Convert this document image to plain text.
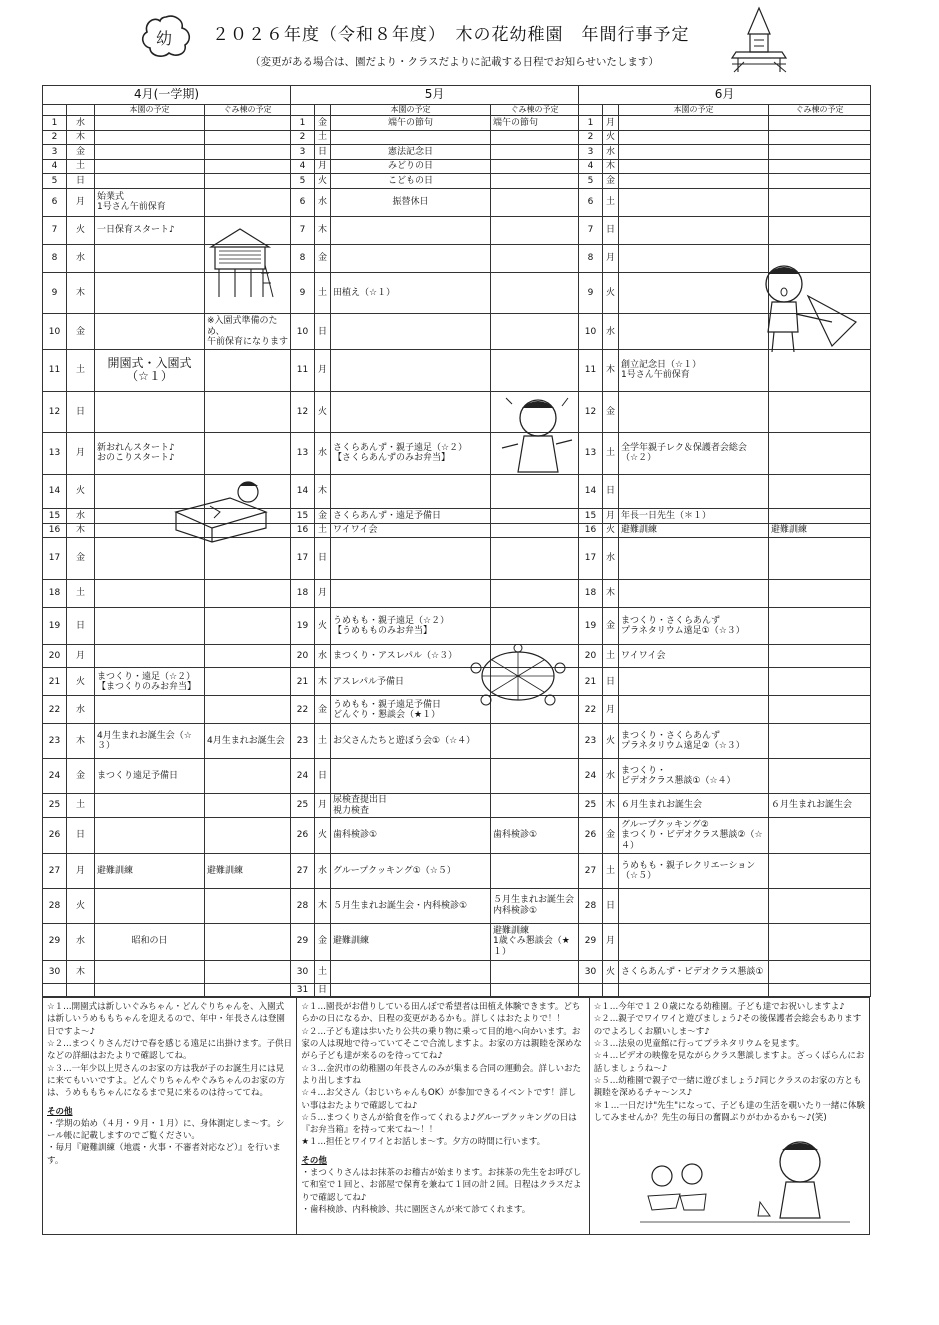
幼 ２０２６年度（令和８年度）　木の花幼稚園　年間行事予定
（変更がある場合は、園だより・クラスだよりに記載する日程でお知らせいたします）
4月(一学期)				5月				6月			
		本園の予定	ぐみ棟の予定			本園の予定	ぐみ棟の予定			本園の予定	ぐみ棟の予定
1	水			1	金	端午の節句	端午の節句	1	月		
2	木			2	土			2	火		
3	金			3	日	憲法記念日		3	水		
4	土			4	月	みどりの日		4	木		
5	日			5	火	こどもの日		5	金		
6	月	始業式
1号さん午前保育		6	水	振替休日		6	土		
7	火	一日保育スタート♪		7	木			7	日		
8	水			8	金			8	月		
9	木			9	土	田植え（☆１）		9	火		
10	金		※入園式準備のため、
午前保育になります	10	日			10	水		
11	土	開園式・入園式（☆１）		11	月			11	木	創立記念日（☆１）
1号さん午前保育	
12	日			12	火			12	金		
13	月	新おれんスタート♪
おのこりスタート♪		13	水	さくらあんず・親子遠足（☆２）
【さくらあんずのみお弁当】		13	土	全学年親子レク＆保護者会総会
（☆２）	
14	火			14	木			14	日		
15	水			15	金	さくらあんず・遠足予備日		15	月	年長一日先生（＊１）	
16	木			16	土	ワイワイ会		16	火	避難訓練	避難訓練
17	金			17	日			17	水		
18	土			18	月			18	木		
19	日			19	火	うめもも・親子遠足（☆２）
【うめもものみお弁当】		19	金	まつくり・さくらあんず
プラネタリウム遠足①（☆３）	
20	月			20	水	まつくり・アスレパル（☆３）		20	土	ワイワイ会	
21	火	まつくり・遠足（☆２）
【まつくりのみお弁当】		21	木	アスレパル予備日		21	日		
22	水			22	金	うめもも・親子遠足予備日
どんぐり・懇談会（★１）		22	月		
23	木	4月生まれお誕生会（☆３）	4月生まれお誕生会	23	土	お父さんたちと遊ぼう会①（☆４）		23	火	まつくり・さくらあんず
プラネタリウム遠足②（☆３）	
24	金	まつくり遠足予備日		24	日			24	水	まつくり・
ビデオクラス懇談①（☆４）	
25	土			25	月	尿検査提出日
視力検査		25	木	６月生まれお誕生会	６月生まれお誕生会
26	日			26	火	歯科検診①	歯科検診①	26	金	グループクッキング②
まつくり・ビデオクラス懇談②（☆４）	
27	月	避難訓練	避難訓練	27	水	グループクッキング①（☆５）		27	土	うめもも・親子レクリエーション
（☆５）	
28	火			28	木	５月生まれお誕生会・内科検診①	５月生まれお誕生会
内科検診①	28	日		
29	水	昭和の日		29	金	避難訓練	避難訓練
1歳ぐみ懇談会（★１）	29	月		
30	木			30	土			30	火	さくらあんず・ビデオクラス懇談①	
				31	日						

☆１…開園式は新しいぐみちゃん・どんぐりちゃんを、入園式は新しいうめももちゃんを迎えるので、年中・年長さんは登園日ですよ～♪

☆２…まつくりさんだけで春を感じる遠足に出掛けます。子供日などの詳細はおたよりで確認してね。

☆３…一年少以上児さんのお家の方は我が子のお誕生月には見に来てもいいですよ。どんぐりちゃんやぐみちゃんのお家の方は、うめももちゃんになるまで見に来るのは待っててね。

その他

・学期の始め（４月・９月・１月）に、身体測定しま～す。シール帳に記載しますのでご覧ください。

・毎月『避難訓練（地震・火事・不審者対応など）』を行います。

☆１…園長がお借りしている田んぼで希望者は田植え体験できます。どちらかの日になるか、日程の変更があるかも。詳しくはおたよりで！！

☆２…子ども達は歩いたり公共の乗り物に乗って目的地へ向かいます。お家の人は現地で待っていてそこで合流しますよ。お家の方は親睦を深めながら子ども達が来るのを待っててね♪

☆３…金沢市の幼稚園の年長さんのみが集まる合同の運動会。詳しいおたより出しますね

☆４…お父さん（おじいちゃんもOK）が参加できるイベントです！詳しい事はおたよりで確認してね♪

☆５…まつくりさんが給食を作ってくれるよ♪グループクッキングの日は『お弁当箱』を持って来てね～！！

★１…担任とワイワイとお話しま～す。夕方の時間に行います。

その他

・まつくりさんはお抹茶のお稽古が始まります。お抹茶の先生をお呼びして和室で１回と、お部屋で保育を兼ねて１回の計２回。日程はクラスだよりで確認してね♪

・歯科検診、内科検診、共に園医さんが来て診てくれます。

☆１…今年で１２０歳になる幼稚園。子ども達でお祝いしますよ♪

☆２…親子でワイワイと遊びましょう♪その後保護者会総会もありますのでよろしくお願いしま～す♪

☆３…法泉の児童館に行ってプラネタリウムを見ます。

☆４…ビデオの映像を見ながらクラス懇談しますよ。ざっくばらんにお話しましょうね～♪

☆５…幼稚園で親子で一緒に遊びましょう♪同じクラスのお家の方とも親睦を深めるチャ～ンス♪

＊１…一日だけ"先生"になって、子ども達の生活を覗いたり一緒に体験してみませんか？先生の毎日の奮闘ぶりがわかるかも～♪(笑)
